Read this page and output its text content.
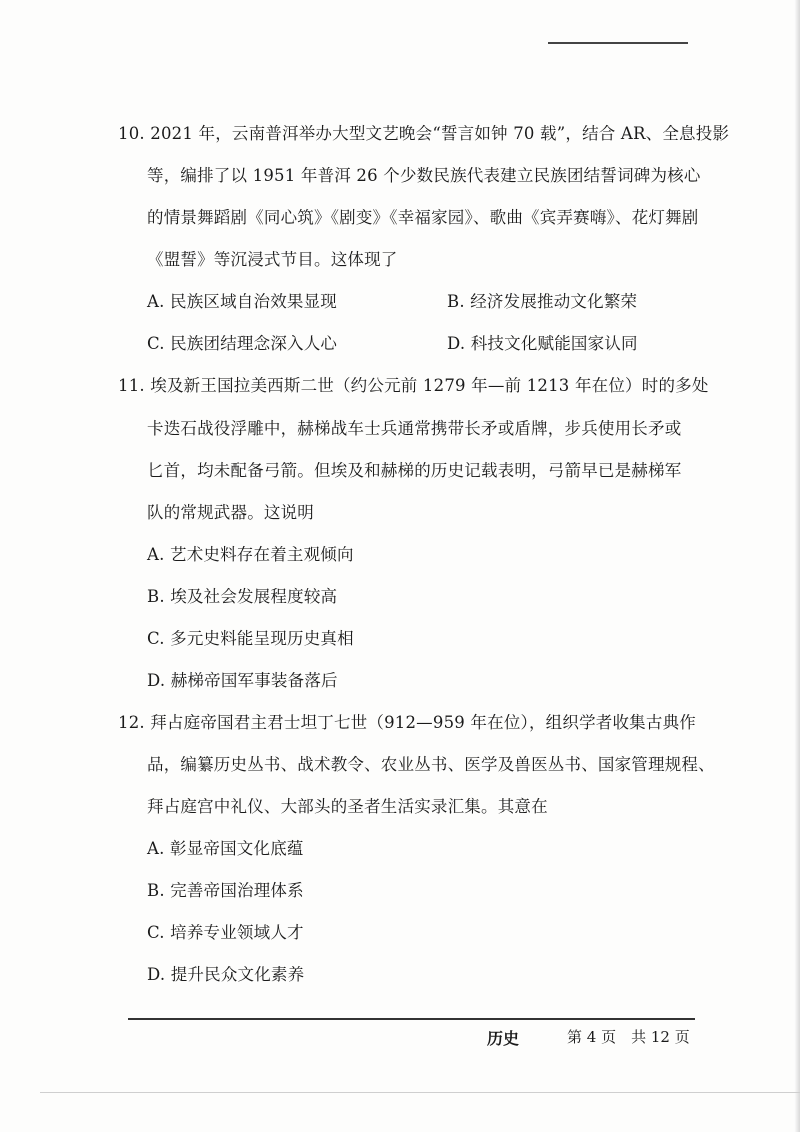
10. 2021 年，云南普洱举办大型文艺晚会“誓言如钟 70 载”，结合 AR、全息投影
等，编排了以 1951 年普洱 26 个少数民族代表建立民族团结誓词碑为核心
的情景舞蹈剧《同心筑》《剧变》《幸福家园》、歌曲《宾弄赛嗨》、花灯舞剧
《盟誓》等沉浸式节目。这体现了
A. 民族区域自治效果显现	B. 经济发展推动文化繁荣
C. 民族团结理念深入人心	D. 科技文化赋能国家认同
11. 埃及新王国拉美西斯二世（约公元前 1279 年—前 1213 年在位）时的多处
卡迭石战役浮雕中，赫梯战车士兵通常携带长矛或盾牌，步兵使用长矛或
匕首，均未配备弓箭。但埃及和赫梯的历史记载表明，弓箭早已是赫梯军
队的常规武器。这说明
A. 艺术史料存在着主观倾向
B. 埃及社会发展程度较高
C. 多元史料能呈现历史真相
D. 赫梯帝国军事装备落后
12. 拜占庭帝国君主君士坦丁七世（912—959 年在位），组织学者收集古典作
品，编纂历史丛书、战术教令、农业丛书、医学及兽医丛书、国家管理规程、
拜占庭宫中礼仪、大部头的圣者生活实录汇集。其意在
A. 彰显帝国文化底蕴
B. 完善帝国治理体系
C. 培养专业领域人才
D. 提升民众文化素养
历史	第 4 页　共 12 页
